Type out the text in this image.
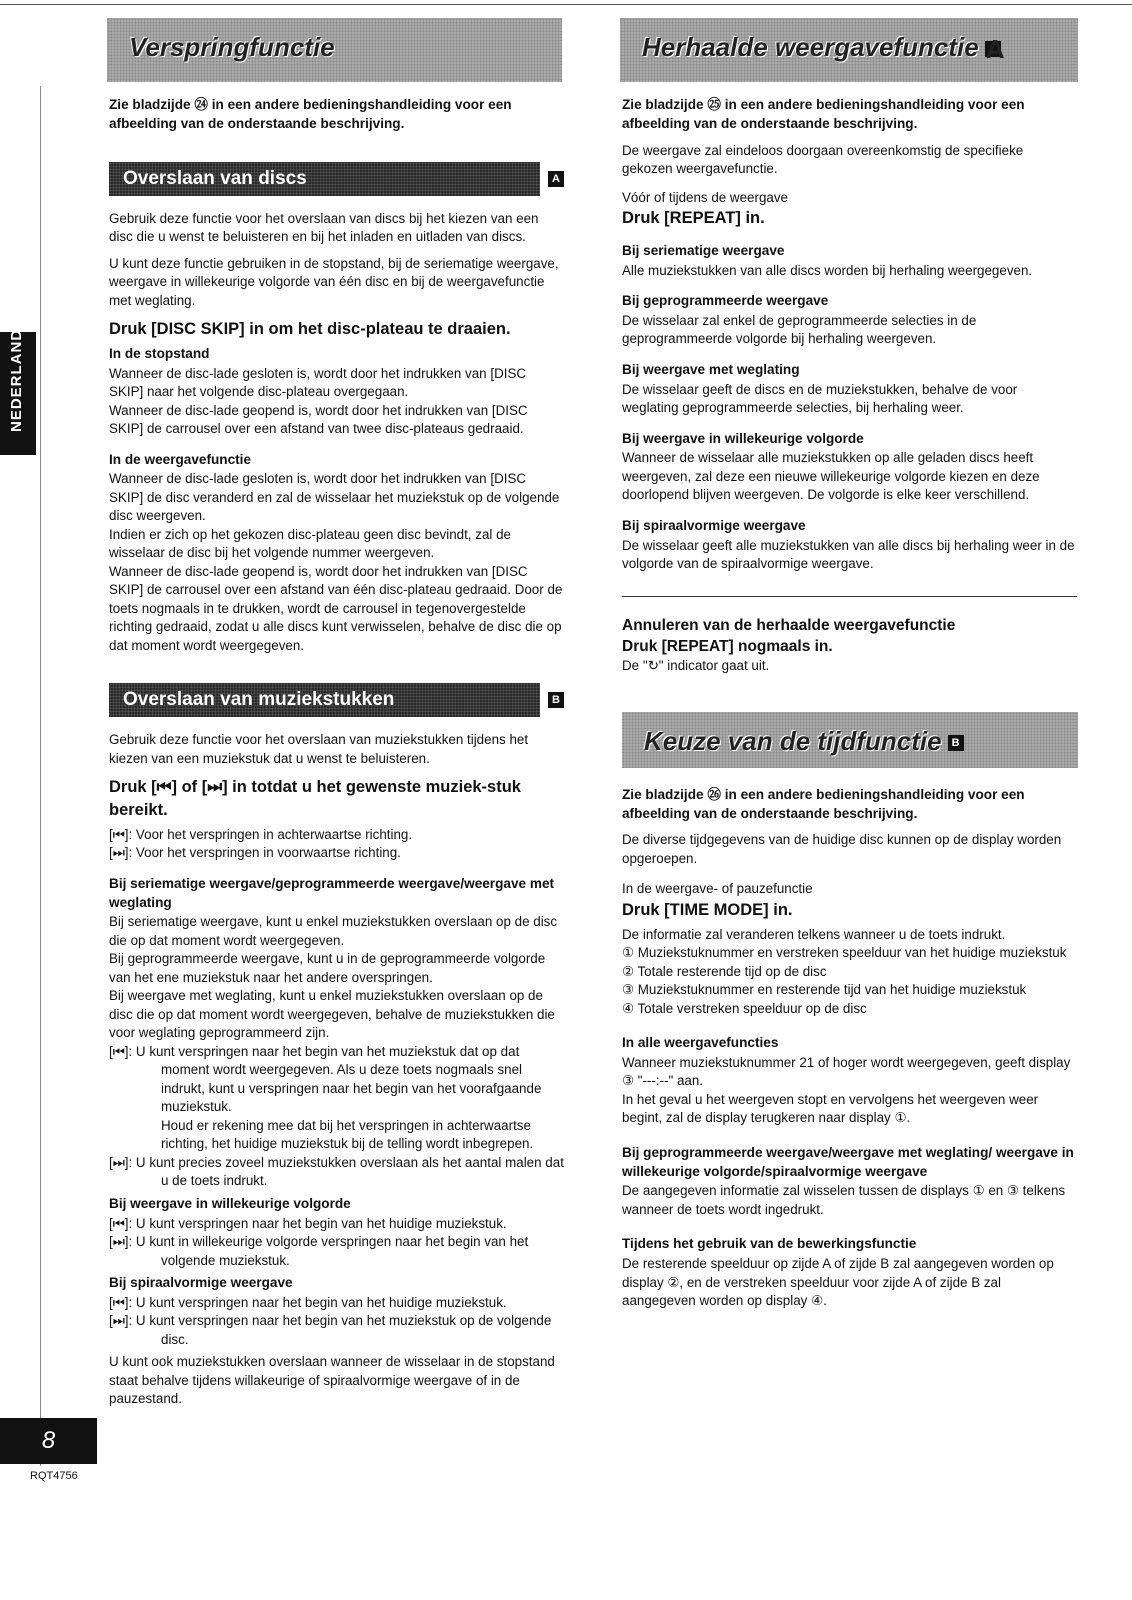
NEDERLANDS
Verspringfunctie	Herhaalde weergavefunctie A

Zie bladzijde ㉔ in een andere bedieningshandleiding voor een afbeelding van de onderstaande beschrijving.

Overslaan van discs	A

Gebruik deze functie voor het overslaan van discs bij het kiezen van een disc die u wenst te beluisteren en bij het inladen en uitladen van discs.

U kunt deze functie gebruiken in de stopstand, bij de seriematige weergave, weergave in willekeurige volgorde van één disc en bij de weergavefunctie met weglating.

Druk [DISC SKIP] in om het disc-plateau te draaien.
In de stopstand

Wanneer de disc-lade gesloten is, wordt door het indrukken van [DISC SKIP] naar het volgende disc-plateau overgegaan.

Wanneer de disc-lade geopend is, wordt door het indrukken van [DISC SKIP] de carrousel over een afstand van twee disc-plateaus gedraaid.

In de weergavefunctie

Wanneer de disc-lade gesloten is, wordt door het indrukken van [DISC SKIP] de disc veranderd en zal de wisselaar het muziekstuk op de volgende disc weergeven.

Indien er zich op het gekozen disc-plateau geen disc bevindt, zal de wisselaar de disc bij het volgende nummer weergeven.

Wanneer de disc-lade geopend is, wordt door het indrukken van [DISC SKIP] de carrousel over een afstand van één disc-plateau gedraaid. Door de toets nogmaals in te drukken, wordt de carrousel in tegenovergestelde richting gedraaid, zodat u alle discs kunt verwisselen, behalve de disc die op dat moment wordt weergegeven.

Overslaan van muziekstukken	B

Gebruik deze functie voor het overslaan van muziekstukken tijdens het kiezen van een muziekstuk dat u wenst te beluisteren.

Druk [⏮] of [⏭] in totdat u het gewenste muziek-stuk bereikt.

[⏮]: Voor het verspringen in achterwaartse richting.

[⏭]: Voor het verspringen in voorwaartse richting.

Bij seriematige weergave/geprogrammeerde weergave/weergave met weglating

Bij seriematige weergave, kunt u enkel muziekstukken overslaan op de disc die op dat moment wordt weergegeven.

Bij geprogrammeerde weergave, kunt u in de geprogrammeerde volgorde van het ene muziekstuk naar het andere overspringen.

Bij weergave met weglating, kunt u enkel muziekstukken overslaan op de disc die op dat moment wordt weergegeven, behalve de muziekstukken die voor weglating geprogrammeerd zijn.

[⏮]: U kunt verspringen naar het begin van het muziekstuk dat op dat moment wordt weergegeven. Als u deze toets nogmaals snel indrukt, kunt u verspringen naar het begin van het voorafgaande muziekstuk.

Houd er rekening mee dat bij het verspringen in achterwaartse richting, het huidige muziekstuk bij de telling wordt inbegrepen.

[⏭]: U kunt precies zoveel muziekstukken overslaan als het aantal malen dat u de toets indrukt.

Bij weergave in willekeurige volgorde

[⏮]: U kunt verspringen naar het begin van het huidige muziekstuk.

[⏭]: U kunt in willekeurige volgorde verspringen naar het begin van het volgende muziekstuk.

Bij spiraalvormige weergave

[⏮]: U kunt verspringen naar het begin van het huidige muziekstuk.

[⏭]: U kunt verspringen naar het begin van het muziekstuk op de volgende disc.

U kunt ook muziekstukken overslaan wanneer de wisselaar in de stopstand staat behalve tijdens willakeurige of spiraalvormige weergave of in de pauzestand.

Zie bladzijde ㉕ in een andere bedieningshandleiding voor een afbeelding van de onderstaande beschrijving.

De weergave zal eindeloos doorgaan overeenkomstig de specifieke gekozen weergavefunctie.

Vóór of tijdens de weergave

Druk [REPEAT] in.
Bij seriematige weergave

Alle muziekstukken van alle discs worden bij herhaling weergegeven.

Bij geprogrammeerde weergave

De wisselaar zal enkel de geprogrammeerde selecties in de geprogrammeerde volgorde bij herhaling weergeven.

Bij weergave met weglating

De wisselaar geeft de discs en de muziekstukken, behalve de voor weglating geprogrammeerde selecties, bij herhaling weer.

Bij weergave in willekeurige volgorde

Wanneer de wisselaar alle muziekstukken op alle geladen discs heeft weergeven, zal deze een nieuwe willekeurige volgorde kiezen en deze doorlopend blijven weergeven. De volgorde is elke keer verschillend.

Bij spiraalvormige weergave

De wisselaar geeft alle muziekstukken van alle discs bij herhaling weer in de volgorde van de spiraalvormige weergave.

Annuleren van de herhaalde weergavefunctie
Druk [REPEAT] nogmaals in.

De "↻" indicator gaat uit.

Keuze van de tijdfunctie B

Zie bladzijde ㉖ in een andere bedieningshandleiding voor een afbeelding van de onderstaande beschrijving.

De diverse tijdgegevens van de huidige disc kunnen op de display worden opgeroepen.

In de weergave- of pauzefunctie

Druk [TIME MODE] in.

De informatie zal veranderen telkens wanneer u de toets indrukt.

① Muziekstuknummer en verstreken speelduur van het huidige muziekstuk

② Totale resterende tijd op de disc

③ Muziekstuknummer en resterende tijd van het huidige muziekstuk

④ Totale verstreken speelduur op de disc

In alle weergavefuncties

Wanneer muziekstuknummer 21 of hoger wordt weergegeven, geeft display ③ "---:--" aan.

In het geval u het weergeven stopt en vervolgens het weergeven weer begint, zal de display terugkeren naar display ①.

Bij geprogrammeerde weergave/weergave met weglating/ weergave in willekeurige volgorde/spiraalvormige weergave

De aangegeven informatie zal wisselen tussen de displays ① en ③ telkens wanneer de toets wordt ingedrukt.

Tijdens het gebruik van de bewerkingsfunctie

De resterende speelduur op zijde A of zijde B zal aangegeven worden op display ②, en de verstreken speelduur voor zijde A of zijde B zal aangegeven worden op display ④.

8
RQT4756
